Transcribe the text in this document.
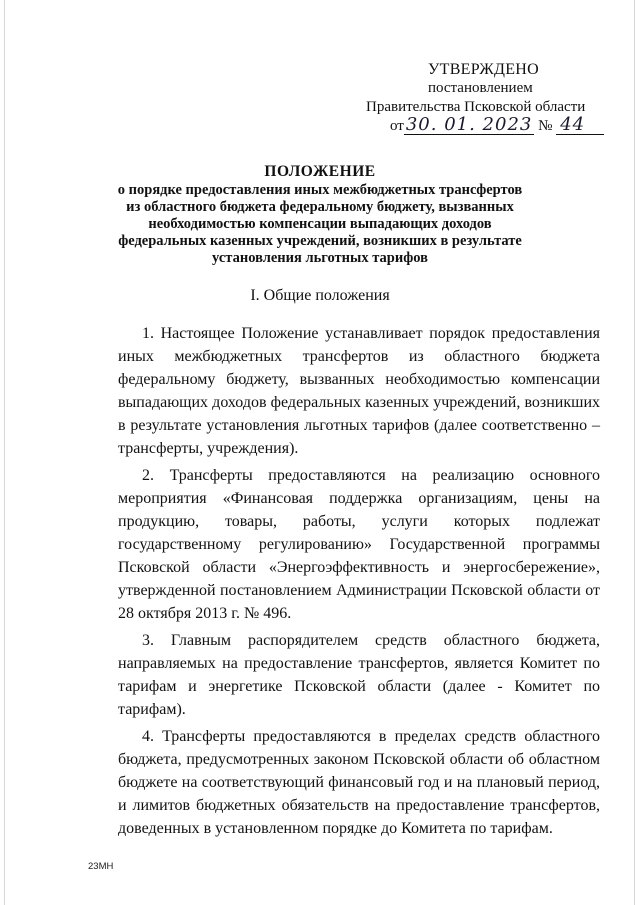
УТВЕРЖДЕНО
постановлением
Правительства Псковской области
от 30. 01. 2023 № 44
ПОЛОЖЕНИЕ
о порядке предоставления иных межбюджетных трансфертов из областного бюджета федеральному бюджету, вызванных необходимостью компенсации выпадающих доходов федеральных казенных учреждений, возникших в результате установления льготных тарифов
I. Общие положения

1. Настоящее Положение устанавливает порядок предоставления иных межбюджетных трансфертов из областного бюджета федеральному бюджету, вызванных необходимостью компенсации выпадающих доходов федеральных казенных учреждений, возникших в результате установления льготных тарифов (далее соответственно – трансферты, учреждения).

2. Трансферты предоставляются на реализацию основного мероприятия «Финансовая поддержка организациям, цены на продукцию, товары, работы, услуги которых подлежат государственному регулированию» Государственной программы Псковской области «Энергоэффективность и энергосбережение», утвержденной постановлением Администрации Псковской области от 28 октября 2013 г. № 496.

3. Главным распорядителем средств областного бюджета, направляемых на предоставление трансфертов, является Комитет по тарифам и энергетике Псковской области (далее - Комитет по тарифам).

4. Трансферты предоставляются в пределах средств областного бюджета, предусмотренных законом Псковской области об областном бюджете на соответствующий финансовый год и на плановый период, и лимитов бюджетных обязательств на предоставление трансфертов, доведенных в установленном порядке до Комитета по тарифам.

23МН
